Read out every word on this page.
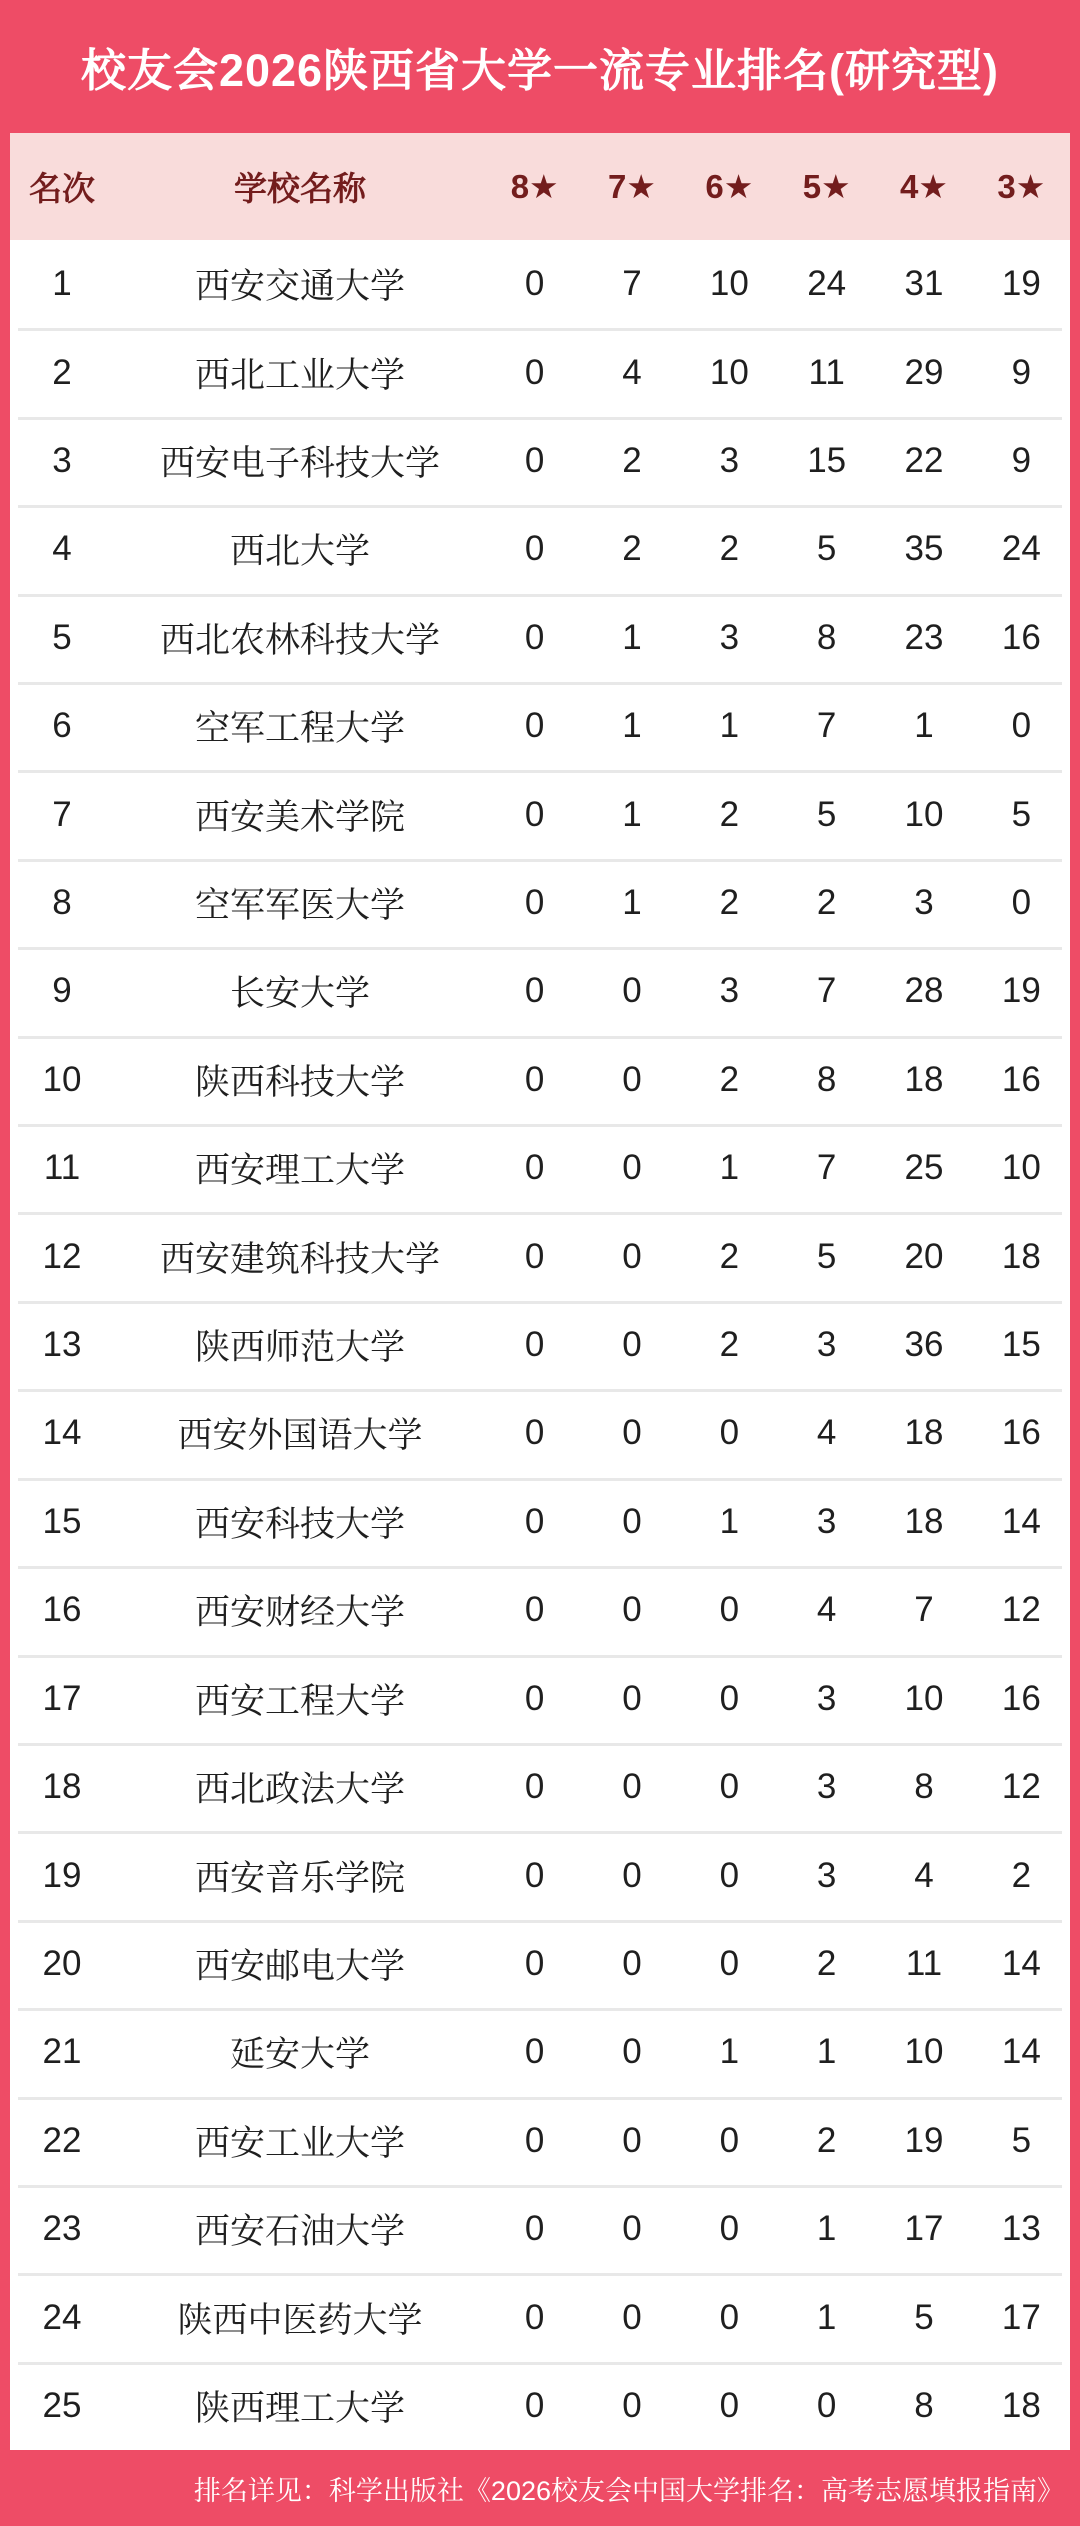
校友会2026陕西省大学一流专业排名(研究型)
名次	学校名称	8★	7★	6★	5★	4★	3★
1	西安交通大学	0	7	10	24	31	19
2	西北工业大学	0	4	10	11	29	9
3	西安电子科技大学	0	2	3	15	22	9
4	西北大学	0	2	2	5	35	24
5	西北农林科技大学	0	1	3	8	23	16
6	空军工程大学	0	1	1	7	1	0
7	西安美术学院	0	1	2	5	10	5
8	空军军医大学	0	1	2	2	3	0
9	长安大学	0	0	3	7	28	19
10	陕西科技大学	0	0	2	8	18	16
11	西安理工大学	0	0	1	7	25	10
12	西安建筑科技大学	0	0	2	5	20	18
13	陕西师范大学	0	0	2	3	36	15
14	西安外国语大学	0	0	0	4	18	16
15	西安科技大学	0	0	1	3	18	14
16	西安财经大学	0	0	0	4	7	12
17	西安工程大学	0	0	0	3	10	16
18	西北政法大学	0	0	0	3	8	12
19	西安音乐学院	0	0	0	3	4	2
20	西安邮电大学	0	0	0	2	11	14
21	延安大学	0	0	1	1	10	14
22	西安工业大学	0	0	0	2	19	5
23	西安石油大学	0	0	0	1	17	13
24	陕西中医药大学	0	0	0	1	5	17
25	陕西理工大学	0	0	0	0	8	18
排名详见：科学出版社《2026校友会中国大学排名：高考志愿填报指南》
